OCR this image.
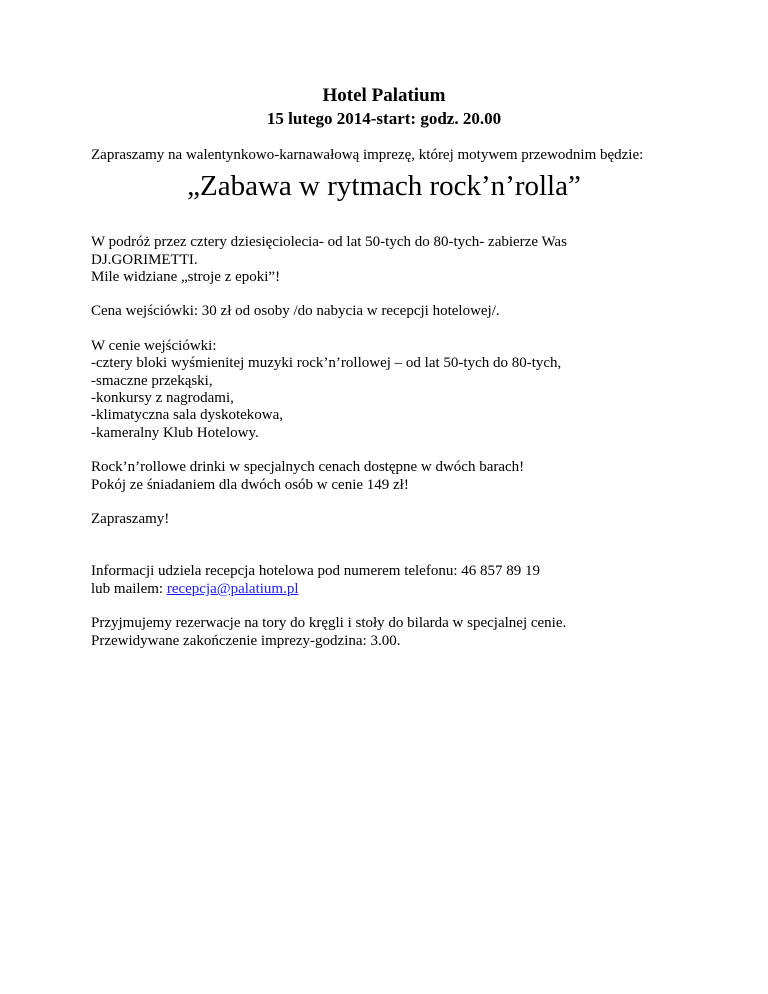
Hotel Palatium
15 lutego 2014-start: godz. 20.00
Zapraszamy na walentynkowo-karnawałową imprezę, której motywem przewodnim będzie:
„Zabawa w rytmach rock’n’rolla”
W podróż przez cztery dziesięciolecia- od lat 50-tych do 80-tych- zabierze Was
DJ.GORIMETTI.
Mile widziane „stroje z epoki”!
Cena wejściówki: 30 zł od osoby /do nabycia w recepcji hotelowej/.
W cenie wejściówki:
-cztery bloki wyśmienitej muzyki rock’n’rollowej – od lat 50-tych do 80-tych,
-smaczne przekąski,
-konkursy z nagrodami,
-klimatyczna sala dyskotekowa,
-kameralny Klub Hotelowy.
Rock’n’rollowe drinki w specjalnych cenach dostępne w dwóch barach!
Pokój ze śniadaniem dla dwóch osób w cenie 149 zł!
Zapraszamy!
Informacji udziela recepcja hotelowa pod numerem telefonu: 46 857 89 19
lub mailem: recepcja@palatium.pl
Przyjmujemy rezerwacje na tory do kręgli i stoły do bilarda w specjalnej cenie.
Przewidywane zakończenie imprezy-godzina: 3.00.
